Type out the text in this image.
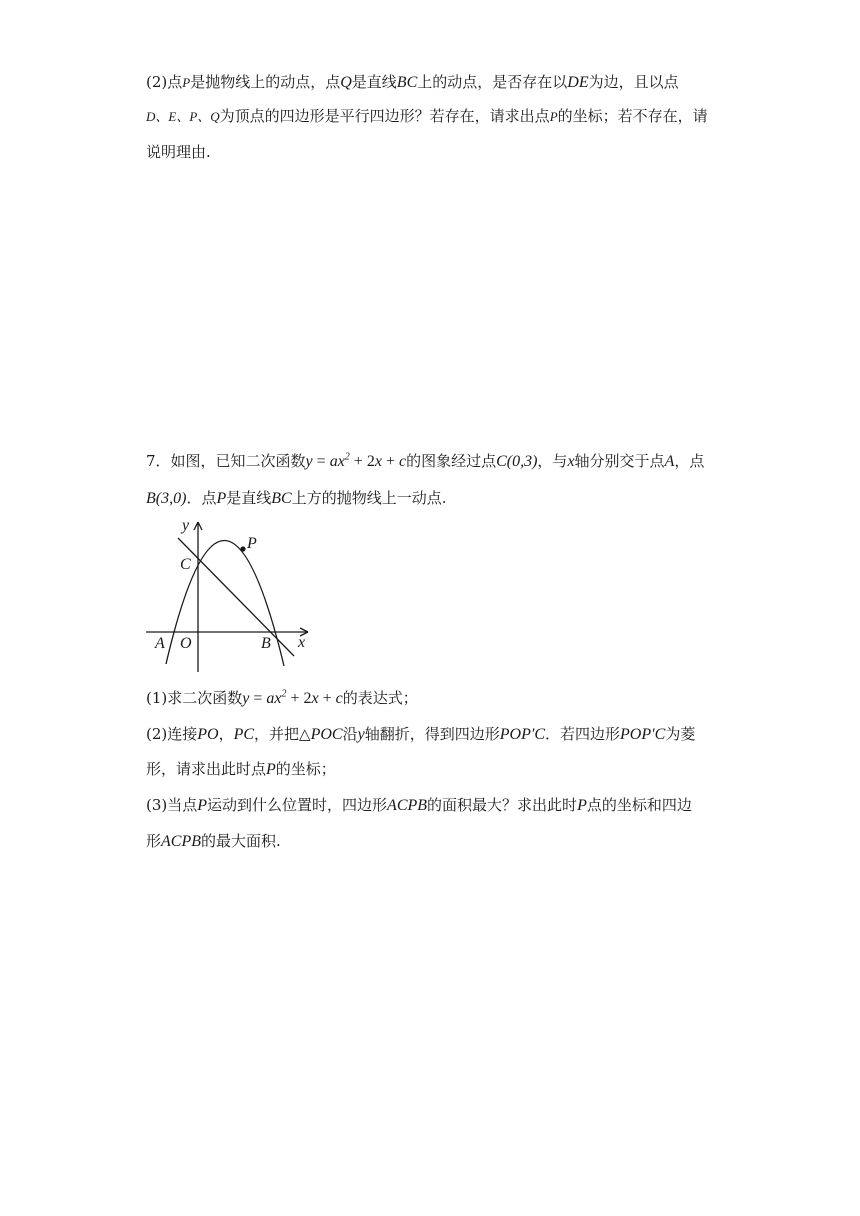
(2)点P是抛物线上的动点，点Q是直线BC上的动点，是否存在以DE为边，且以点
D、E、P、Q为顶点的四边形是平行四边形？若存在，请求出点P的坐标；若不存在，请
说明理由.
7．如图，已知二次函数$y = ax^2 + 2x + c$的图象经过点C(0,3)，与x轴分别交于点A，点
B(3,0)．点P是直线BC上方的抛物线上一动点.
y
x
P
C
A O	B
(1)求二次函数$y = ax^2 + 2x + c$的表达式；
(2)连接PO，PC，并把△POC沿y轴翻折，得到四边形POP′C．若四边形POP′C为菱
形，请求出此时点P的坐标；
(3)当点P运动到什么位置时，四边形ACPB的面积最大？求出此时P点的坐标和四边
形ACPB的最大面积.
